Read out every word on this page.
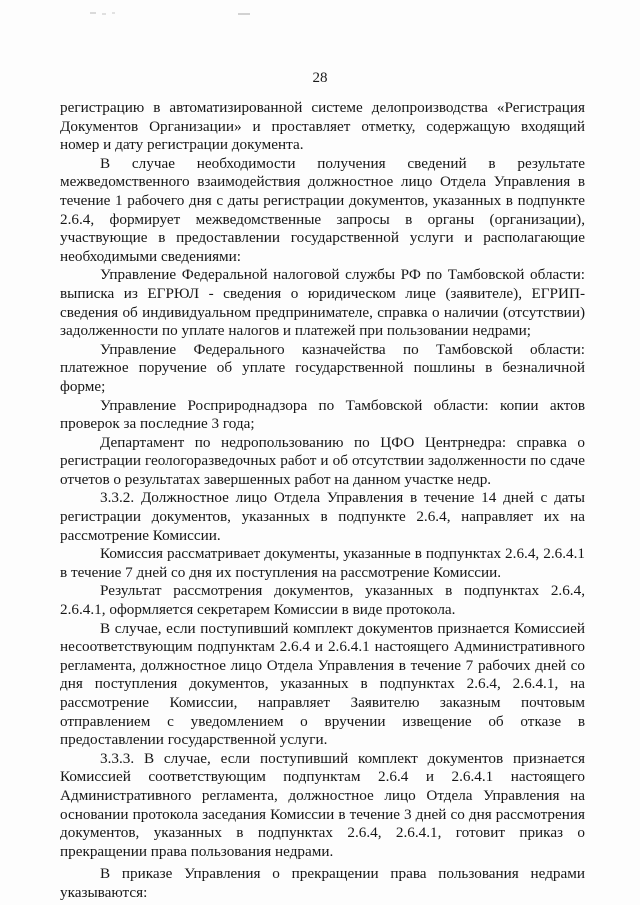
28

регистрацию в автоматизированной системе делопроизводства «Регистрация Документов Организации» и проставляет отметку, содержащую входящий номер и дату регистрации документа.

В случае необходимости получения сведений в результате межведомственного взаимодействия должностное лицо Отдела Управления в течение 1 рабочего дня с даты регистрации документов, указанных в подпункте 2.6.4, формирует межведомственные запросы в органы (организации), участвующие в предоставлении государственной услуги и располагающие необходимыми сведениями:

Управление Федеральной налоговой службы РФ по Тамбовской области: выписка из ЕГРЮЛ - сведения о юридическом лице (заявителе), ЕГРИП-сведения об индивидуальном предпринимателе, справка о наличии (отсутствии) задолженности по уплате налогов и платежей при пользовании недрами;

Управление Федерального казначейства по Тамбовской области: платежное поручение об уплате государственной пошлины в безналичной форме;

Управление Росприроднадзора по Тамбовской области: копии актов проверок за последние 3 года;

Департамент по недропользованию по ЦФО Центрнедра: справка о регистрации геологоразведочных работ и об отсутствии задолженности по сдаче отчетов о результатах завершенных работ на данном участке недр.

3.3.2. Должностное лицо Отдела Управления в течение 14 дней с даты регистрации документов, указанных в подпункте 2.6.4, направляет их на рассмотрение Комиссии.

Комиссия рассматривает документы, указанные в подпунктах 2.6.4, 2.6.4.1 в течение 7 дней со дня их поступления на рассмотрение Комиссии.

Результат рассмотрения документов, указанных в подпунктах 2.6.4, 2.6.4.1, оформляется секретарем Комиссии в виде протокола.

В случае, если поступивший комплект документов признается Комиссией несоответствующим подпунктам 2.6.4 и 2.6.4.1 настоящего Административного регламента, должностное лицо Отдела Управления в течение 7 рабочих дней со дня поступления документов, указанных в подпунктах 2.6.4, 2.6.4.1, на рассмотрение Комиссии, направляет Заявителю заказным почтовым отправлением с уведомлением о вручении извещение об отказе в предоставлении государственной услуги.

3.3.3. В случае, если поступивший комплект документов признается Комиссией соответствующим подпунктам 2.6.4 и 2.6.4.1 настоящего Административного регламента, должностное лицо Отдела Управления на основании протокола заседания Комиссии в течение 3 дней со дня рассмотрения документов, указанных в подпунктах 2.6.4, 2.6.4.1, готовит приказ о прекращении права пользования недрами.

В приказе Управления о прекращении права пользования недрами указываются:
